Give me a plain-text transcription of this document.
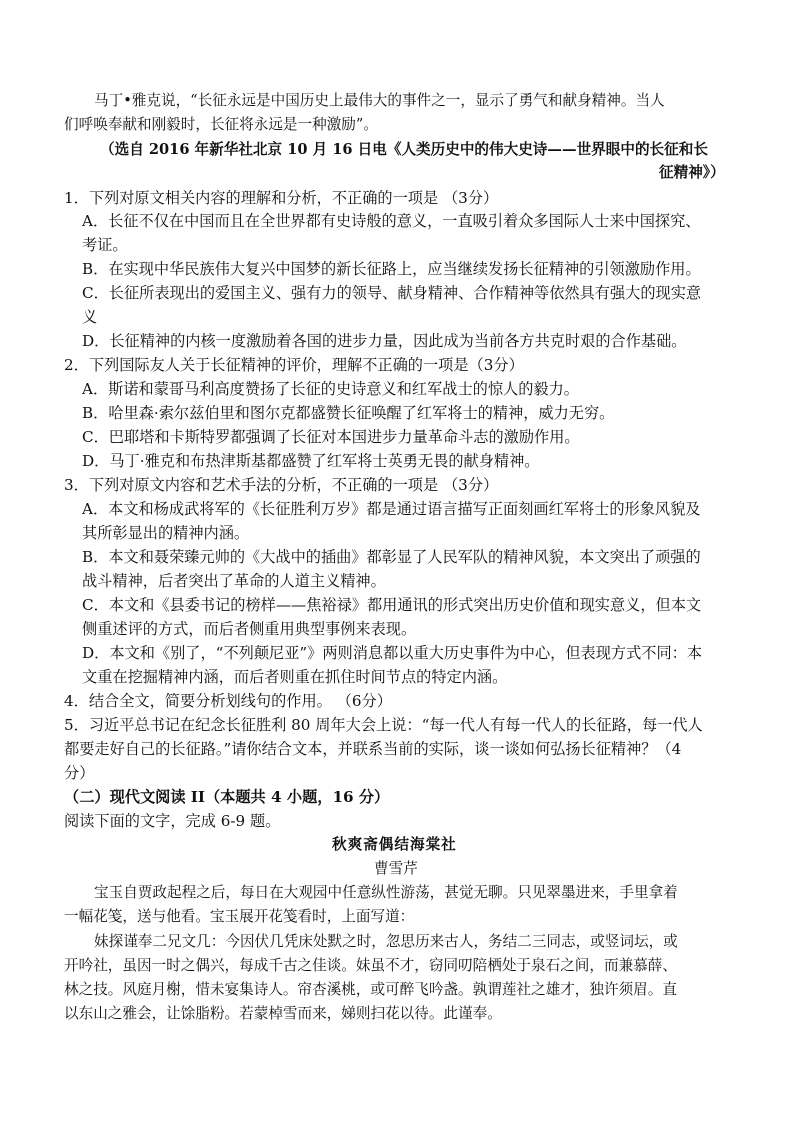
马丁•雅克说，“长征永远是中国历史上最伟大的事件之一，显示了勇气和献身精神。当人
们呼唤奉献和刚毅时，长征将永远是一种激励”。
（选自 2016 年新华社北京 10 月 16 日电《人类历史中的伟大史诗——世界眼中的长征和长
征精神》）
1．下列对原文相关内容的理解和分析，不正确的一项是 （3分）
A．长征不仅在中国而且在全世界都有史诗般的意义，一直吸引着众多国际人士来中国探究、
考证。
B．在实现中华民族伟大复兴中国梦的新长征路上，应当继续发扬长征精神的引领激励作用。
C．长征所表现出的爱国主义、强有力的领导、献身精神、合作精神等依然具有强大的现实意
义
D．长征精神的内核一度激励着各国的进步力量，因此成为当前各方共克时艰的合作基础。
2．下列国际友人关于长征精神的评价，理解不正确的一项是（3分）
A．斯诺和蒙哥马利高度赞扬了长征的史诗意义和红军战士的惊人的毅力。
B．哈里森·索尔兹伯里和图尔克都盛赞长征唤醒了红军将士的精神，威力无穷。
C．巴耶塔和卡斯特罗都强调了长征对本国进步力量革命斗志的激励作用。
D．马丁·雅克和布热津斯基都盛赞了红军将士英勇无畏的献身精神。
3．下列对原文内容和艺术手法的分析，不正确的一项是 （3分）
A．本文和杨成武将军的《长征胜利万岁》都是通过语言描写正面刻画红军将士的形象风貌及
其所彰显出的精神内涵。
B．本文和聂荣臻元帅的《大战中的插曲》都彰显了人民军队的精神风貌，本文突出了顽强的
战斗精神，后者突出了革命的人道主义精神。
C．本文和《县委书记的榜样——焦裕禄》都用通讯的形式突出历史价值和现实意义，但本文
侧重述评的方式，而后者侧重用典型事例来表现。
D．本文和《别了，“不列颠尼亚”》两则消息都以重大历史事件为中心，但表现方式不同：本
文重在挖掘精神内涵，而后者则重在抓住时间节点的特定内涵。
4．结合全文，简要分析划线句的作用。 （6分）
5．习近平总书记在纪念长征胜利 80 周年大会上说：“每一代人有每一代人的长征路，每一代人
都要走好自己的长征路。”请你结合文本，并联系当前的实际，谈一谈如何弘扬长征精神？（4
分）
（二）现代文阅读 II（本题共 4 小题，16 分）
阅读下面的文字，完成 6-9 题。
秋爽斋偶结海棠社
曹雪芹
宝玉自贾政起程之后，每日在大观园中任意纵性游荡，甚觉无聊。只见翠墨进来，手里拿着
一幅花笺，送与他看。宝玉展开花笺看时，上面写道：
妹探谨奉二兄文几：今因伏几凭床处默之时，忽思历来古人，务结二三同志，或竖词坛，或
开吟社，虽因一时之偶兴，每成千古之佳谈。妹虽不才，窃同叨陪栖处于泉石之间，而兼慕薛、
林之技。风庭月榭，惜未宴集诗人。帘杏溪桃，或可醉飞吟盏。孰谓莲社之雄才，独许须眉。直
以东山之雅会，让馀脂粉。若蒙棹雪而来，娣则扫花以待。此谨奉。
